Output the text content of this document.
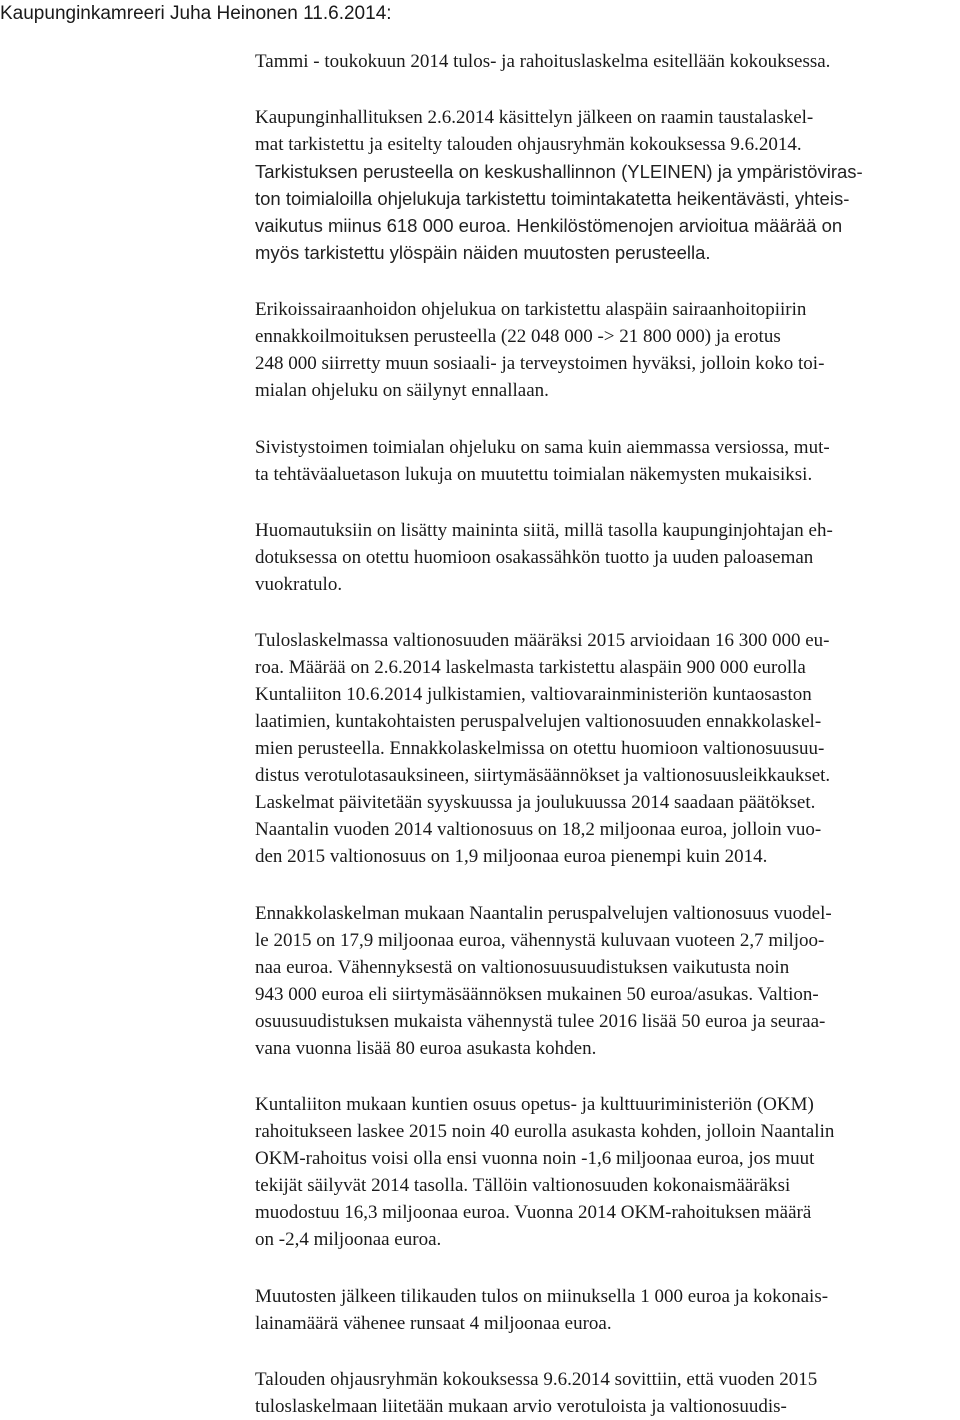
Kaupunginkamreeri Juha Heinonen 11.6.2014:
Tammi - toukokuun 2014 tulos- ja rahoituslaskelma esitellään kokouksessa.
Kaupunginhallituksen 2.6.2014 käsittelyn jälkeen on raamin taustalaskel-
mat tarkistettu ja esitelty talouden ohjausryhmän kokouksessa 9.6.2014.
Tarkistuksen perusteella on keskushallinnon (YLEINEN) ja ympäristöviras-
ton toimialoilla ohjelukuja tarkistettu toimintakatetta heikentävästi, yhteis-
vaikutus miinus 618 000 euroa. Henkilöstömenojen arvioitua määrää on
myös tarkistettu ylöspäin näiden muutosten perusteella.
Erikoissairaanhoidon ohjelukua on tarkistettu alaspäin sairaanhoitopiirin
ennakkoilmoituksen perusteella (22 048 000 -> 21 800 000) ja erotus
248 000 siirretty muun sosiaali- ja terveystoimen hyväksi, jolloin koko toi-
mialan ohjeluku on säilynyt ennallaan.
Sivistystoimen toimialan ohjeluku on sama kuin aiemmassa versiossa, mut-
ta tehtäväaluetason lukuja on muutettu toimialan näkemysten mukaisiksi.
Huomautuksiin on lisätty maininta siitä, millä tasolla kaupunginjohtajan eh-
dotuksessa on otettu huomioon osakassähkön tuotto ja uuden paloaseman
vuokratulo.
Tuloslaskelmassa valtionosuuden määräksi 2015 arvioidaan 16 300 000 eu-
roa. Määrää on 2.6.2014 laskelmasta tarkistettu alaspäin 900 000 eurolla
Kuntaliiton 10.6.2014 julkistamien, valtiovarainministeriön kuntaosaston
laatimien, kuntakohtaisten peruspalvelujen valtionosuuden ennakkolaskel-
mien perusteella. Ennakkolaskelmissa on otettu huomioon valtionosuusuu-
distus verotulotasauksineen, siirtymäsäännökset ja valtionosuusleikkaukset.
Laskelmat päivitetään syyskuussa ja joulukuussa 2014 saadaan päätökset.
Naantalin vuoden 2014 valtionosuus on 18,2 miljoonaa euroa, jolloin vuo-
den 2015 valtionosuus on 1,9 miljoonaa euroa pienempi kuin 2014.
Ennakkolaskelman mukaan Naantalin peruspalvelujen valtionosuus vuodel-
le 2015 on 17,9 miljoonaa euroa, vähennystä kuluvaan vuoteen 2,7 miljoo-
naa euroa. Vähennyksestä on valtionosuusuudistuksen vaikutusta noin
943 000 euroa eli siirtymäsäännöksen mukainen 50 euroa/asukas. Valtion-
osuusuudistuksen mukaista vähennystä tulee 2016 lisää 50 euroa ja seuraa-
vana vuonna lisää 80 euroa asukasta kohden.
Kuntaliiton mukaan kuntien osuus opetus- ja kulttuuriministeriön (OKM)
rahoitukseen laskee 2015 noin 40 eurolla asukasta kohden, jolloin Naantalin
OKM-rahoitus voisi olla ensi vuonna noin -1,6 miljoonaa euroa, jos muut
tekijät säilyvät 2014 tasolla. Tällöin valtionosuuden kokonaismääräksi
muodostuu 16,3 miljoonaa euroa. Vuonna 2014 OKM-rahoituksen määrä
on -2,4 miljoonaa euroa.
Muutosten jälkeen tilikauden tulos on miinuksella 1 000 euroa ja kokonais-
lainamäärä vähenee runsaat 4 miljoonaa euroa.
Talouden ohjausryhmän kokouksessa 9.6.2014 sovittiin, että vuoden 2015
tuloslaskelmaan liitetään mukaan arvio verotuloista ja valtionosuudis-
